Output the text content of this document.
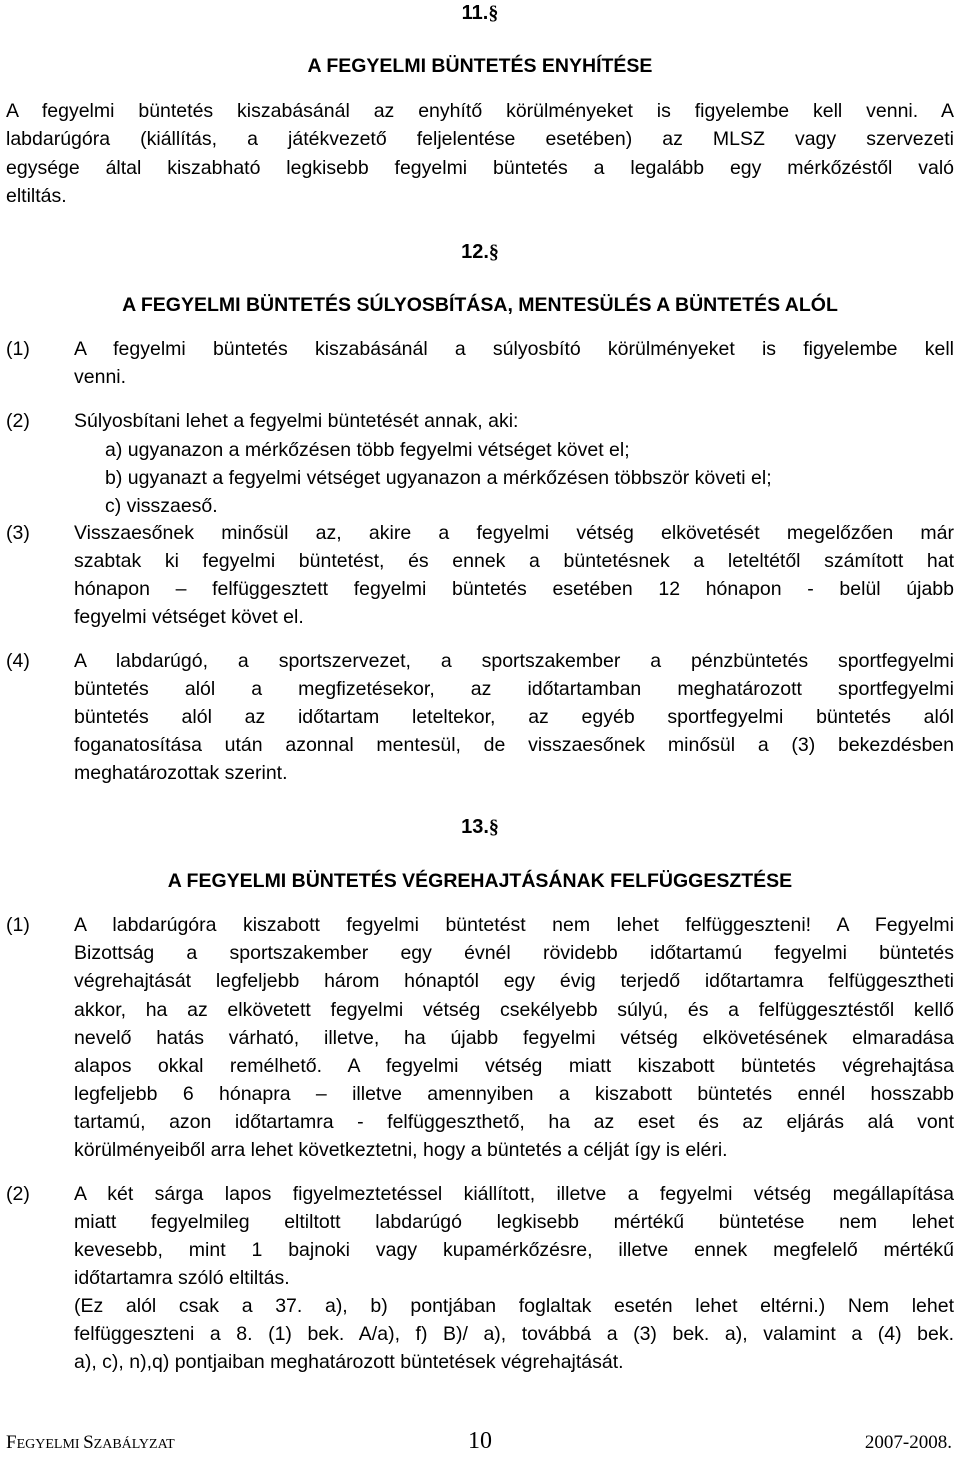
11.§
A FEGYELMI BÜNTETÉS ENYHÍTÉSE
A fegyelmi büntetés kiszabásánál az enyhítő körülményeket is figyelembe kell venni. A
labdarúgóra (kiállítás, a játékvezető feljelentése esetében) az MLSZ vagy szervezeti
egysége által kiszabható legkisebb fegyelmi büntetés a legalább egy mérkőzéstől való
eltiltás.
12.§
A FEGYELMI BÜNTETÉS SÚLYOSBÍTÁSA, MENTESÜLÉS A BÜNTETÉS ALÓL
(1) A fegyelmi büntetés kiszabásánál a súlyosbító körülményeket is figyelembe kell
venni.
(2) Súlyosbítani lehet a fegyelmi büntetését annak, aki:
a) ugyanazon a mérkőzésen több fegyelmi vétséget követ el;
b) ugyanazt a fegyelmi vétséget ugyanazon a mérkőzésen többször követi el;
c) visszaeső.
(3) Visszaesőnek minősül az, akire a fegyelmi vétség elkövetését megelőzően már
szabtak ki fegyelmi büntetést, és ennek a büntetésnek a leteltétől számított hat
hónapon – felfüggesztett fegyelmi büntetés esetében 12 hónapon - belül újabb
fegyelmi vétséget követ el.
(4) A labdarúgó, a sportszervezet, a sportszakember a pénzbüntetés sportfegyelmi
büntetés alól a megfizetésekor, az időtartamban meghatározott sportfegyelmi
büntetés alól az időtartam leteltekor, az egyéb sportfegyelmi büntetés alól
foganatosítása után azonnal mentesül, de visszaesőnek minősül a (3) bekezdésben
meghatározottak szerint.
13.§
A FEGYELMI BÜNTETÉS VÉGREHAJTÁSÁNAK FELFÜGGESZTÉSE
(1) A labdarúgóra kiszabott fegyelmi büntetést nem lehet felfüggeszteni! A Fegyelmi
Bizottság a sportszakember egy évnél rövidebb időtartamú fegyelmi büntetés
végrehajtását legfeljebb három hónaptól egy évig terjedő időtartamra felfüggesztheti
akkor, ha az elkövetett fegyelmi vétség csekélyebb súlyú, és a felfüggesztéstől kellő
nevelő hatás várható, illetve, ha újabb fegyelmi vétség elkövetésének elmaradása
alapos okkal remélhető. A fegyelmi vétség miatt kiszabott büntetés végrehajtása
legfeljebb 6 hónapra – illetve amennyiben a kiszabott büntetés ennél hosszabb
tartamú, azon időtartamra - felfüggeszthető, ha az eset és az eljárás alá vont
körülményeiből arra lehet következtetni, hogy a büntetés a célját így is eléri.
(2) A két sárga lapos figyelmeztetéssel kiállított, illetve a fegyelmi vétség megállapítása
miatt fegyelmileg eltiltott labdarúgó legkisebb mértékű büntetése nem lehet
kevesebb, mint 1 bajnoki vagy kupamérkőzésre, illetve ennek megfelelő mértékű
időtartamra szóló eltiltás.
(Ez alól csak a 37. a), b) pontjában foglaltak esetén lehet eltérni.) Nem lehet
felfüggeszteni a 8. (1) bek. A/a), f) B)/ a), továbbá a (3) bek. a), valamint a (4) bek.
a), c), n),q) pontjaiban meghatározott büntetések végrehajtását.
FEGYELMI SZABÁLYZAT	10	2007-2008.
